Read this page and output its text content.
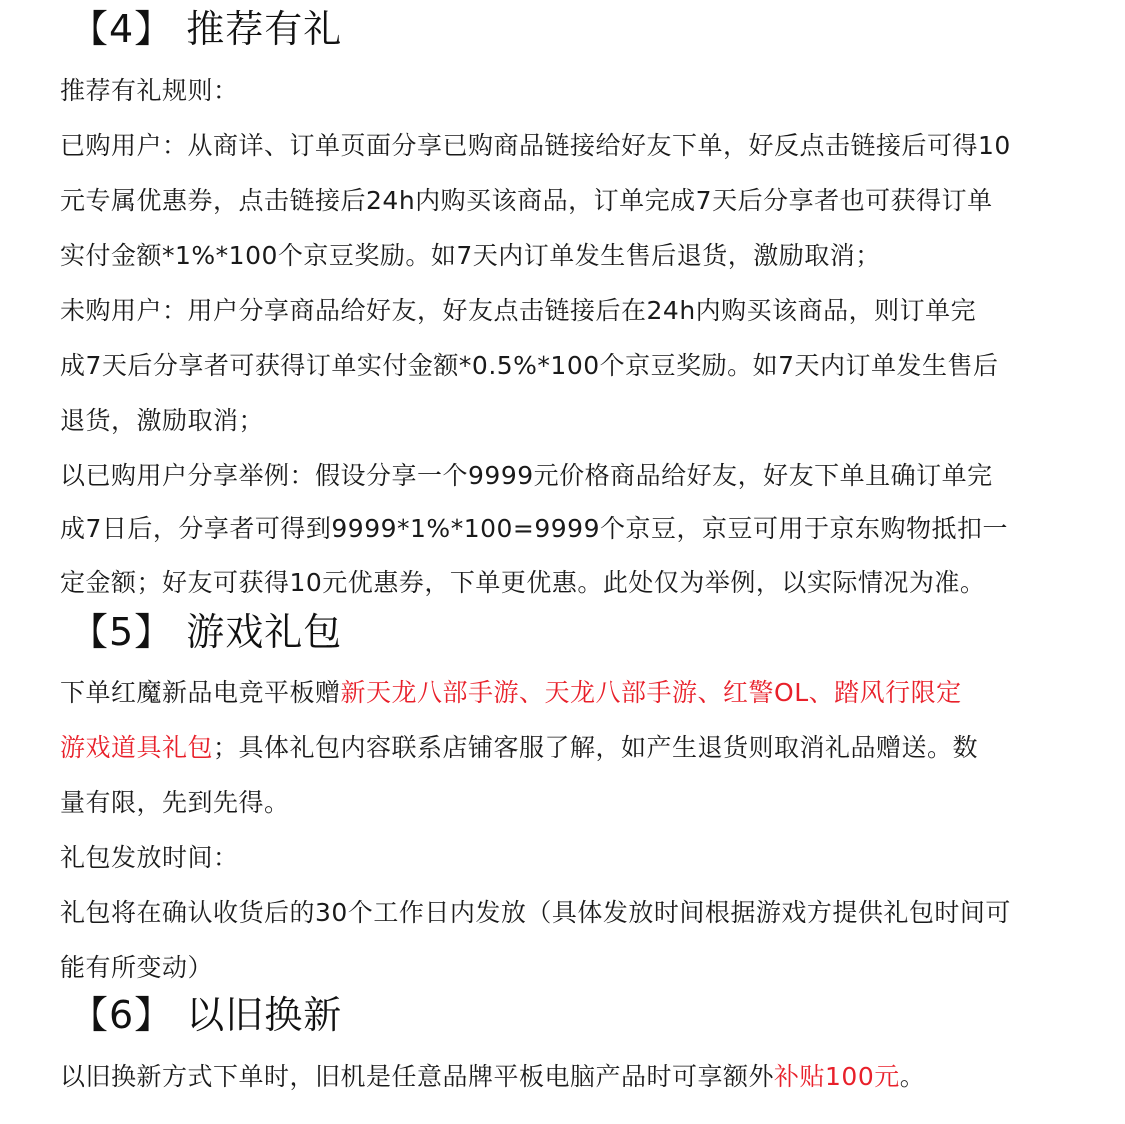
【4】 推荐有礼
推荐有礼规则：
已购用户：从商详、订单页面分享已购商品链接给好友下单，好反点击链接后可得10
元专属优惠券，点击链接后24h内购买该商品，订单完成7天后分享者也可获得订单
实付金额*1%*100个京豆奖励。如7天内订单发生售后退货，激励取消；
未购用户：用户分享商品给好友，好友点击链接后在24h内购买该商品，则订单完
成7天后分享者可获得订单实付金额*0.5%*100个京豆奖励。如7天内订单发生售后
退货，激励取消；
以已购用户分享举例：假设分享一个9999元价格商品给好友，好友下单且确订单完
成7日后，分享者可得到9999*1%*100=9999个京豆，京豆可用于京东购物抵扣一
定金额；好友可获得10元优惠券，下单更优惠。此处仅为举例，以实际情况为准。
【5】 游戏礼包
下单红魔新品电竞平板赠新天龙八部手游、天龙八部手游、红警OL、踏风行限定
游戏道具礼包；具体礼包内容联系店铺客服了解，如产生退货则取消礼品赠送。数
量有限，先到先得。
礼包发放时间：
礼包将在确认收货后的30个工作日内发放（具体发放时间根据游戏方提供礼包时间可
能有所变动）
【6】 以旧换新
以旧换新方式下单时，旧机是任意品牌平板电脑产品时可享额外补贴100元。
